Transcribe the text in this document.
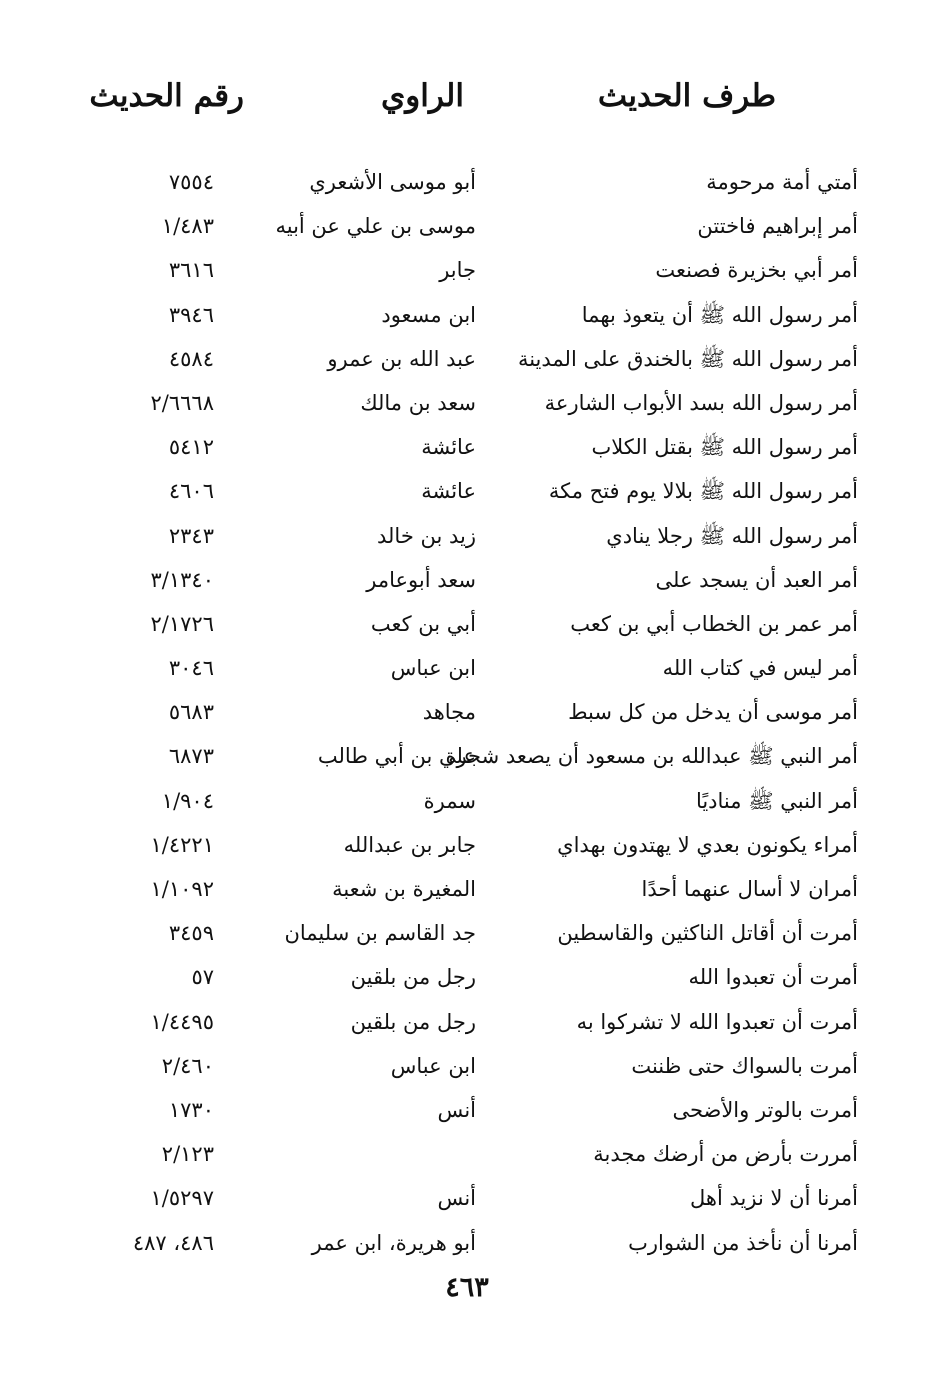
طرف الحديث
الراوي
رقم الحديث
أمتي أمة مرحومة
أبو موسى الأشعري
٧٥٥٤
أمر إبراهيم فاختتن
موسى بن علي عن أبيه
١/٤٨٣
أمر أبي بخزيرة فصنعت
جابر
٣٦١٦
أمر رسول الله ﷺ أن يتعوذ بهما
ابن مسعود
٣٩٤٦
أمر رسول الله ﷺ بالخندق على المدينة
عبد الله بن عمرو
٤٥٨٤
أمر رسول الله بسد الأبواب الشارعة
سعد بن مالك
٢/٦٦٦٨
أمر رسول الله ﷺ بقتل الكلاب
عائشة
٥٤١٢
أمر رسول الله ﷺ بلالا يوم فتح مكة
عائشة
٤٦٠٦
أمر رسول الله ﷺ رجلا ينادي
زيد بن خالد
٢٣٤٣
أمر العبد أن يسجد على
سعد أبوعامر
٣/١٣٤٠
أمر عمر بن الخطاب أبي بن كعب
أبي بن كعب
٢/١٧٢٦
أمر ليس في كتاب الله
ابن عباس
٣٠٤٦
أمر موسى أن يدخل من كل سبط
مجاهد
٥٦٨٣
أمر النبي ﷺ عبدالله بن مسعود أن يصعد شجرة
علي بن أبي طالب
٦٨٧٣
أمر النبي ﷺ مناديًا
سمرة
١/٩٠٤
أمراء يكونون بعدي لا يهتدون بهداي
جابر بن عبدالله
١/٤٢٢١
أمران لا أسال عنهما أحدًا
المغيرة بن شعبة
١/١٠٩٢
أمرت أن أقاتل الناكثين والقاسطين
جد القاسم بن سليمان
٣٤٥٩
أمرت أن تعبدوا الله
رجل من بلقين
٥٧
أمرت أن تعبدوا الله لا تشركوا به
رجل من بلقين
١/٤٤٩٥
أمرت بالسواك حتى ظننت
ابن عباس
٢/٤٦٠
أمرت بالوتر والأضحى
أنس
١٧٣٠
أمررت بأرض من أرضك مجدبة
٢/١٢٣
أمرنا أن لا نزيد أهل
أنس
١/٥٢٩٧
أمرنا أن نأخذ من الشوارب
أبو هريرة، ابن عمر
٤٨٦، ٤٨٧
٤٦٣
